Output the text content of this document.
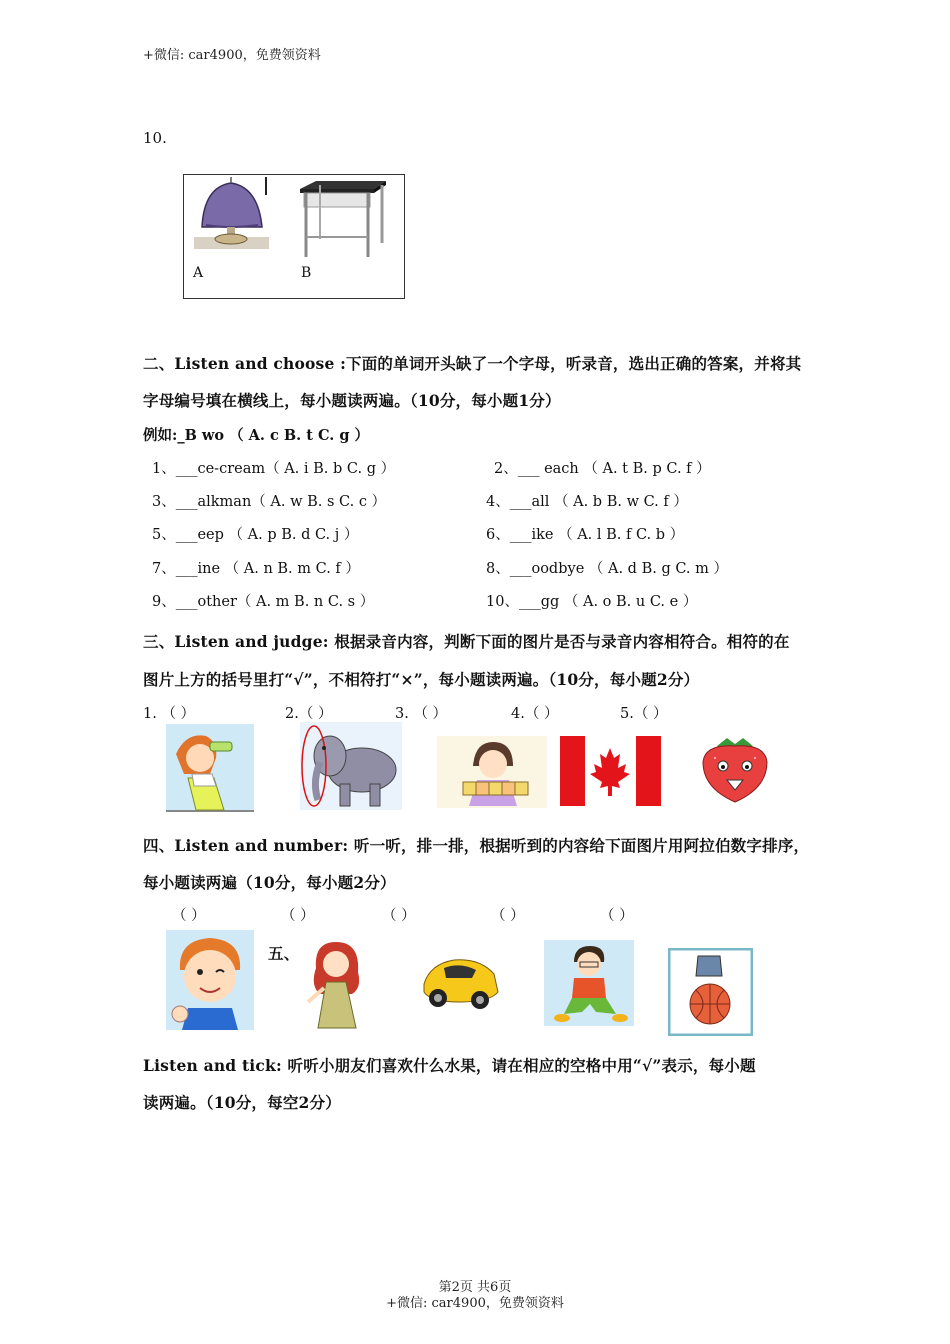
+微信: car4900，免费领资料
10.
A	B
二、Listen and choose :下面的单词开头缺了一个字母，听录音，选出正确的答案，并将其
字母编号填在横线上，每小题读两遍。（10分，每小题1分）
例如:_B wo （ A. c B. t C. g ）
1、___ce-cream（ A. i B. b C. g ）	2、___ each （ A. t B. p C. f ）
3、___alkman（ A. w B. s C. c ）	4、___all （ A. b B. w C. f ）
5、___eep （ A. p B. d C. j ）	6、___ike （ A. l B. f C. b ）
7、___ine （ A. n B. m C. f ）	8、___oodbye （ A. d B. g C. m ）
9、___other（ A. m B. n C. s ）	10、___gg （ A. o B. u C. e ）
三、Listen and judge: 根据录音内容，判断下面的图片是否与录音内容相符合。相符的在
图片上方的括号里打“√”，不相符打“×”，每小题读两遍。（10分，每小题2分）
1. （ ）	2.（ ）	3. （ ）	4.（ ）	5.（ ）
四、Listen and number: 听一听，排一排，根据听到的内容给下面图片用阿拉伯数字排序，
每小题读两遍（10分，每小题2分）
（ ）	（ ）	（ ）	（ ）	（ ）
五、
Listen and tick: 听听小朋友们喜欢什么水果，请在相应的空格中用“√”表示，每小题
读两遍。（10分，每空2分）
第2页 共6页
+微信: car4900，免费领资料
